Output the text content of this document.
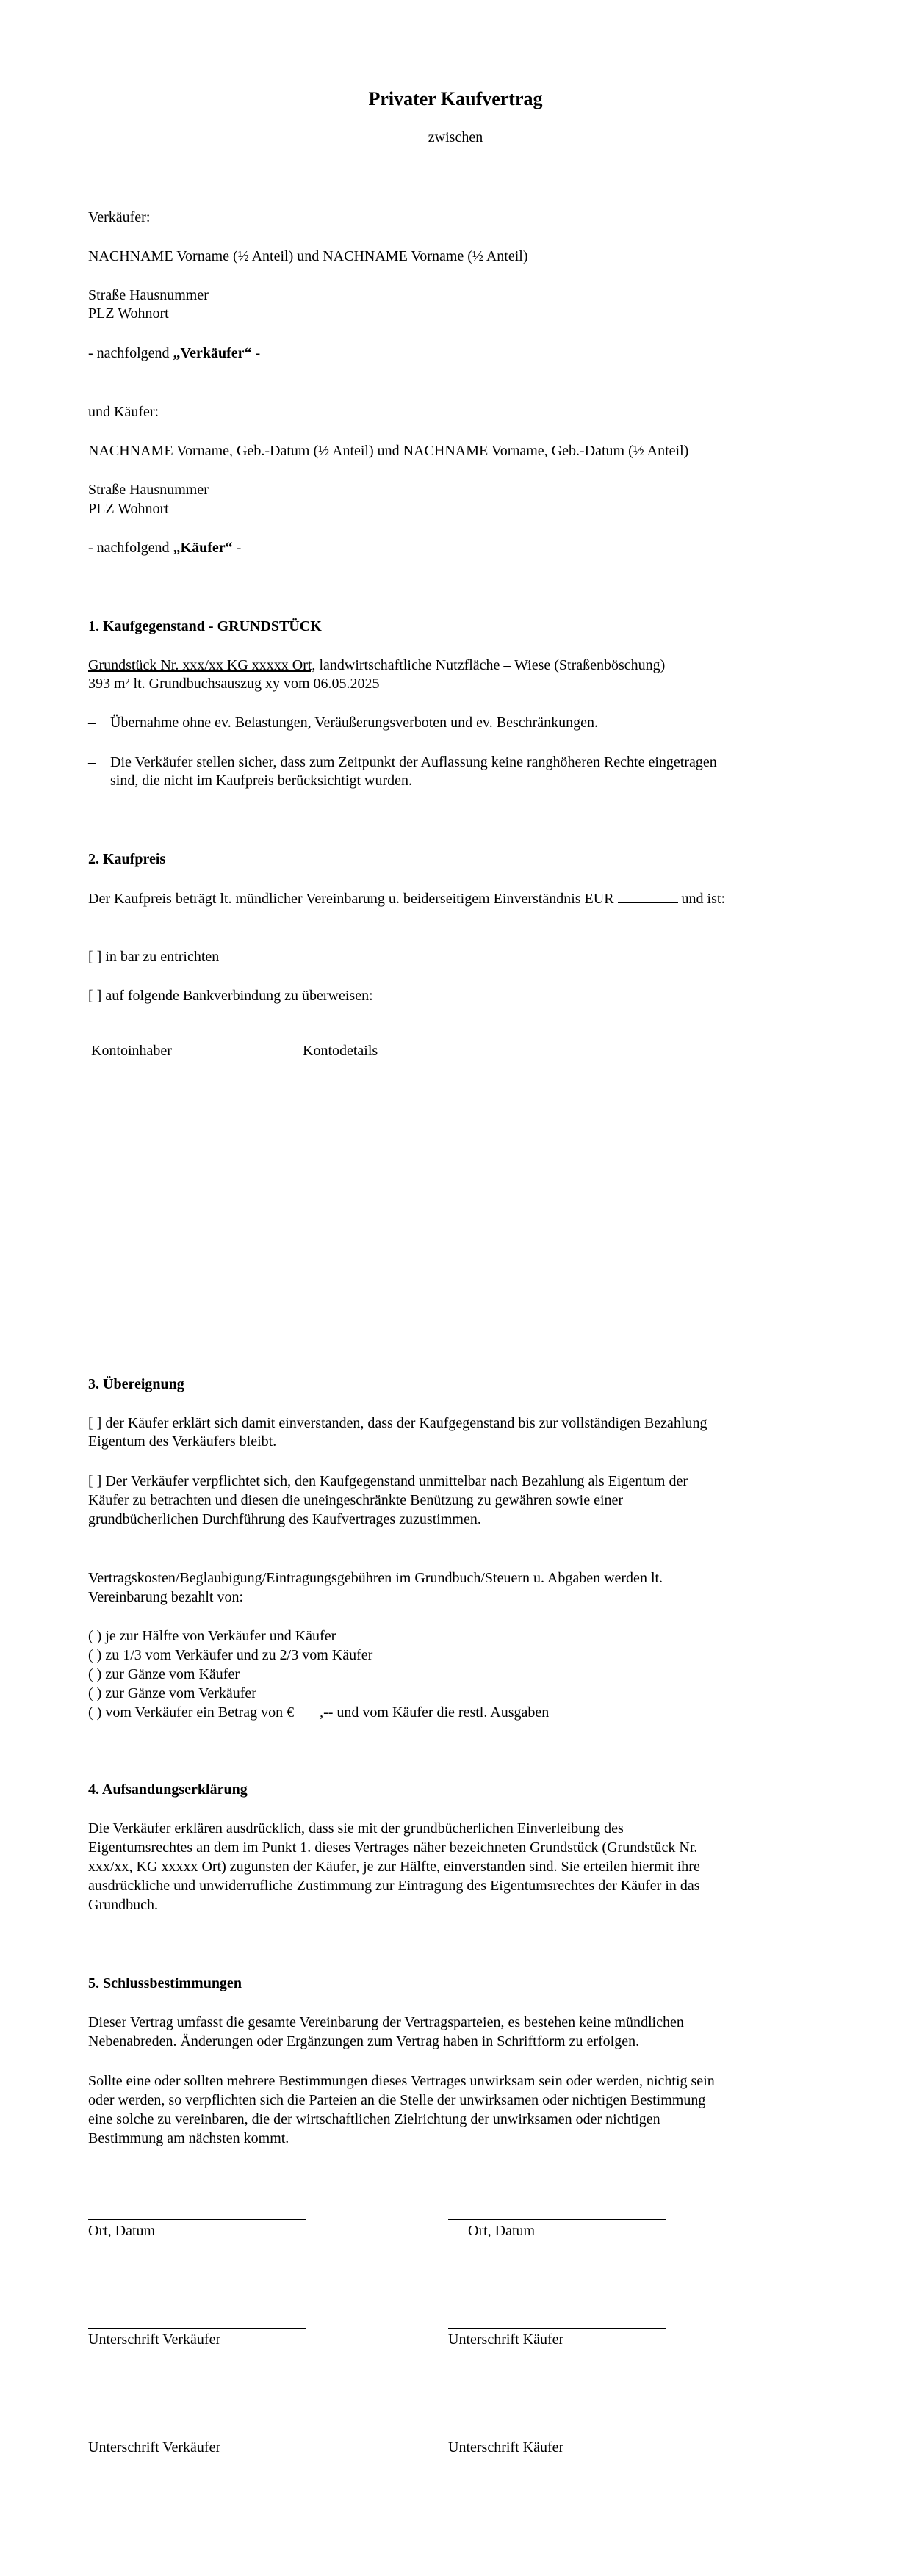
Privater Kaufvertrag
zwischen
Verkäufer:
NACHNAME Vorname (½ Anteil) und NACHNAME Vorname (½ Anteil)
Straße Hausnummer
PLZ Wohnort
- nachfolgend „Verkäufer“ -
und Käufer:
NACHNAME Vorname, Geb.-Datum (½ Anteil) und NACHNAME Vorname, Geb.-Datum (½ Anteil)
Straße Hausnummer
PLZ Wohnort
- nachfolgend „Käufer“ -
1. Kaufgegenstand - GRUNDSTÜCK
Grundstück Nr. xxx/xx KG xxxxx Ort, landwirtschaftliche Nutzfläche – Wiese (Straßenböschung)
393 m² lt. Grundbuchsauszug xy vom 06.05.2025
– Übernahme ohne ev. Belastungen, Veräußerungsverboten und ev. Beschränkungen.
– Die Verkäufer stellen sicher, dass zum Zeitpunkt der Auflassung keine ranghöheren Rechte eingetragen
sind, die nicht im Kaufpreis berücksichtigt wurden.
2. Kaufpreis
Der Kaufpreis beträgt lt. mündlicher Vereinbarung u. beiderseitigem Einverständnis EUR	und ist:
[ ] in bar zu entrichten
[ ] auf folgende Bankverbindung zu überweisen:
Kontoinhaber	Kontodetails
3. Übereignung
[ ] der Käufer erklärt sich damit einverstanden, dass der Kaufgegenstand bis zur vollständigen Bezahlung
Eigentum des Verkäufers bleibt.
[ ] Der Verkäufer verpflichtet sich, den Kaufgegenstand unmittelbar nach Bezahlung als Eigentum der
Käufer zu betrachten und diesen die uneingeschränkte Benützung zu gewähren sowie einer
grundbücherlichen Durchführung des Kaufvertrages zuzustimmen.
Vertragskosten/Beglaubigung/Eintragungsgebühren im Grundbuch/Steuern u. Abgaben werden lt.
Vereinbarung bezahlt von:
( ) je zur Hälfte von Verkäufer und Käufer
( ) zu 1/3 vom Verkäufer und zu 2/3 vom Käufer
( ) zur Gänze vom Käufer
( ) zur Gänze vom Verkäufer
( ) vom Verkäufer ein Betrag von €       ,-- und vom Käufer die restl. Ausgaben
4. Aufsandungserklärung
Die Verkäufer erklären ausdrücklich, dass sie mit der grundbücherlichen Einverleibung des
Eigentumsrechtes an dem im Punkt 1. dieses Vertrages näher bezeichneten Grundstück (Grundstück Nr.
xxx/xx, KG xxxxx Ort) zugunsten der Käufer, je zur Hälfte, einverstanden sind. Sie erteilen hiermit ihre
ausdrückliche und unwiderrufliche Zustimmung zur Eintragung des Eigentumsrechtes der Käufer in das
Grundbuch.
5. Schlussbestimmungen
Dieser Vertrag umfasst die gesamte Vereinbarung der Vertragsparteien, es bestehen keine mündlichen
Nebenabreden. Änderungen oder Ergänzungen zum Vertrag haben in Schriftform zu erfolgen.
Sollte eine oder sollten mehrere Bestimmungen dieses Vertrages unwirksam sein oder werden, nichtig sein
oder werden, so verpflichten sich die Parteien an die Stelle der unwirksamen oder nichtigen Bestimmung
eine solche zu vereinbaren, die der wirtschaftlichen Zielrichtung der unwirksamen oder nichtigen
Bestimmung am nächsten kommt.
Ort, Datum	Ort, Datum
Unterschrift Verkäufer	Unterschrift Käufer
Unterschrift Verkäufer	Unterschrift Käufer
